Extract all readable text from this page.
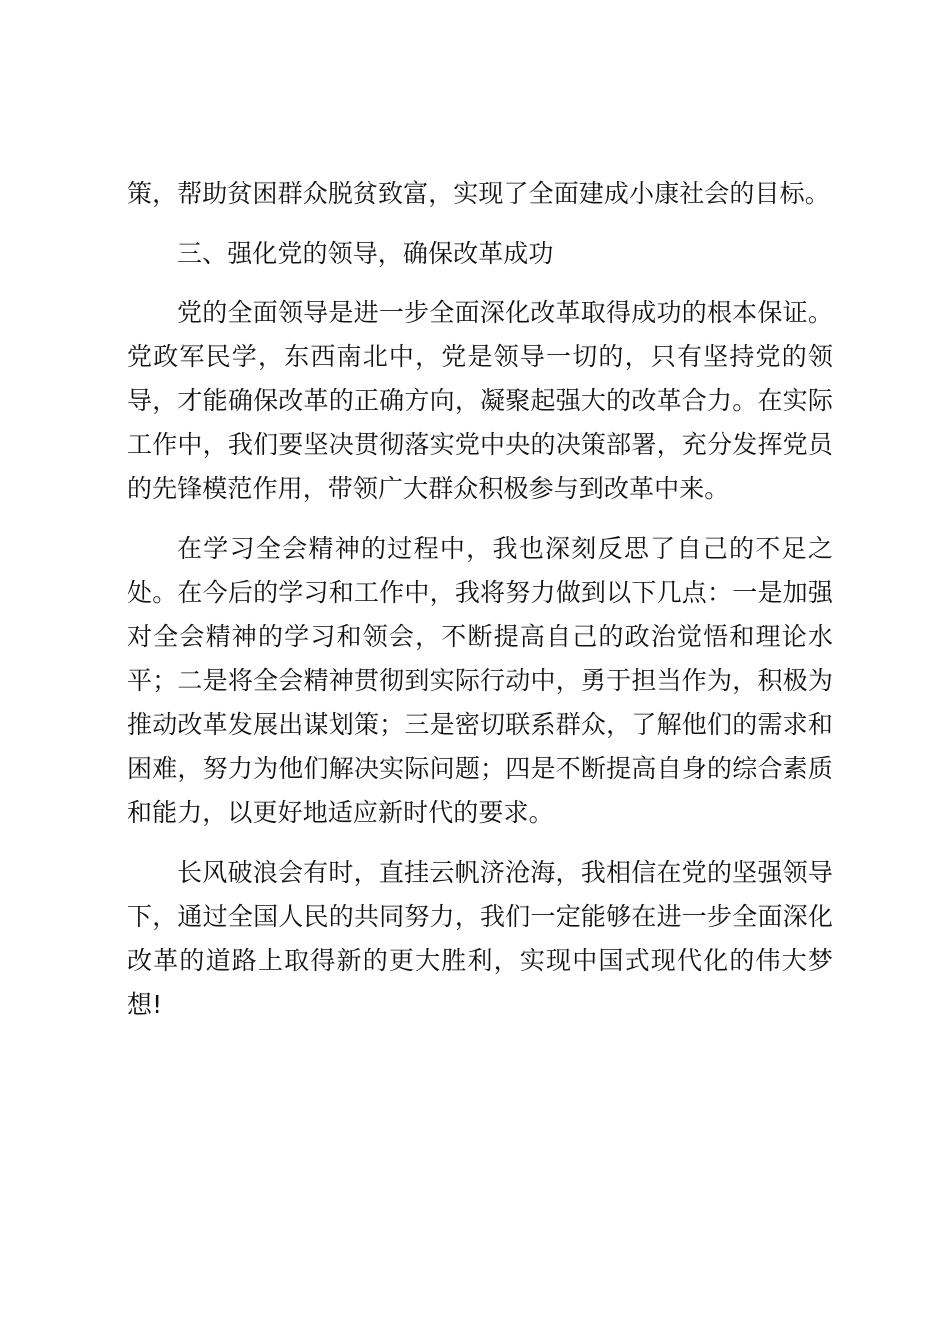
策，帮助贫困群众脱贫致富，实现了全面建成小康社会的目标。

三、强化党的领导，确保改革成功

党的全面领导是进一步全面深化改革取得成功的根本保证。党政军民学，东西南北中，党是领导一切的，只有坚持党的领导，才能确保改革的正确方向，凝聚起强大的改革合力。在实际工作中，我们要坚决贯彻落实党中央的决策部署，充分发挥党员的先锋模范作用，带领广大群众积极参与到改革中来。

在学习全会精神的过程中，我也深刻反思了自己的不足之处。在今后的学习和工作中，我将努力做到以下几点：一是加强对全会精神的学习和领会，不断提高自己的政治觉悟和理论水平；二是将全会精神贯彻到实际行动中，勇于担当作为，积极为推动改革发展出谋划策；三是密切联系群众，了解他们的需求和困难，努力为他们解决实际问题；四是不断提高自身的综合素质和能力，以更好地适应新时代的要求。

长风破浪会有时，直挂云帆济沧海，我相信在党的坚强领导下，通过全国人民的共同努力，我们一定能够在进一步全面深化改革的道路上取得新的更大胜利，实现中国式现代化的伟大梦想!
